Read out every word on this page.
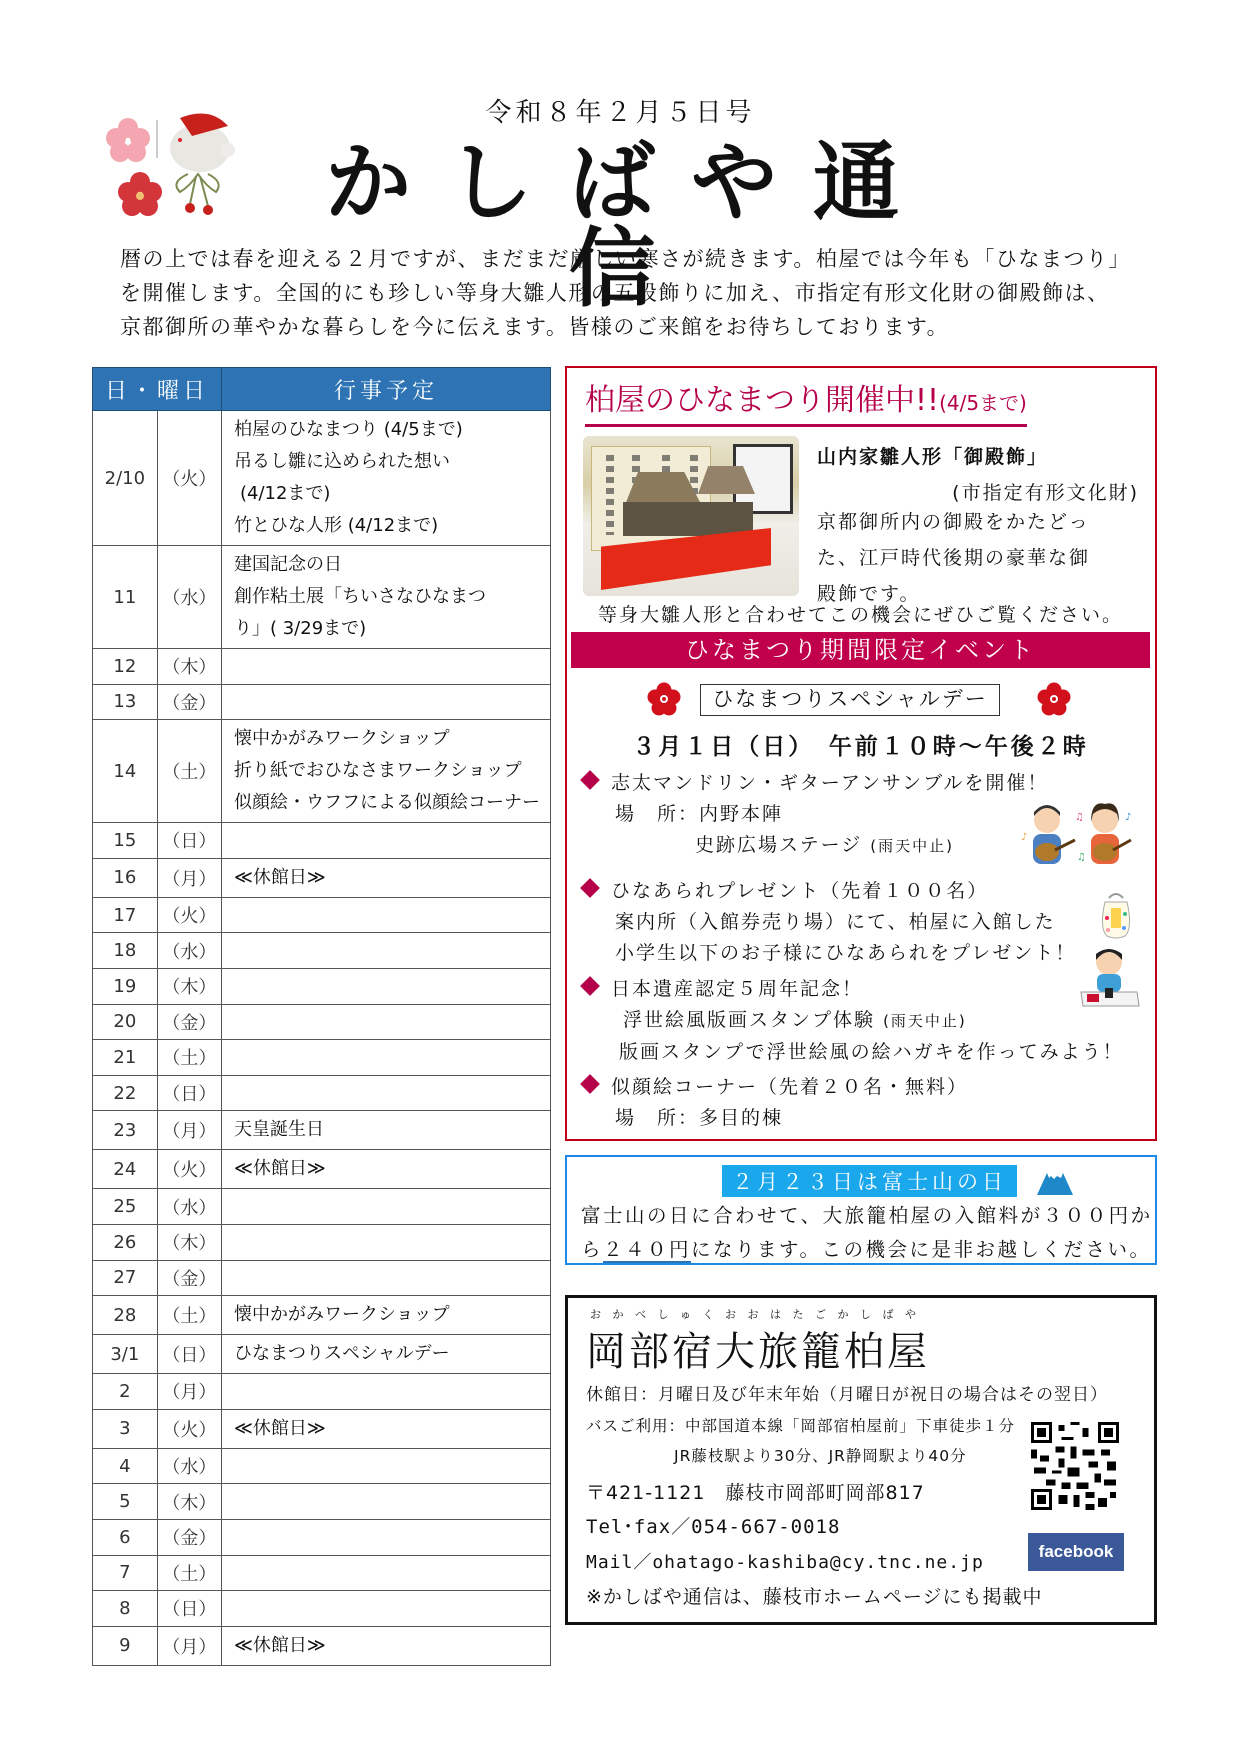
令和８年２月５日号
かしばや通信

暦の上では春を迎える２月ですが、まだまだ厳しい寒さが続きます。柏屋では今年も「ひなまつり」

を開催します。全国的にも珍しい等身大雛人形の五段飾りに加え、市指定有形文化財の御殿飾は、

京都御所の華やかな暮らしを今に伝えます。皆様のご来館をお待ちしております。

日・曜日		行事予定
2/10	（火）	柏屋のひなまつり (4/5まで)
吊るし雛に込められた想い
(4/12まで)
竹とひな人形 (4/12まで)

11	（水）	建国記念の日
創作粘土展「ちいさなひなまつ
り」( 3/29まで)

12	（木）	
13	（金）	
14	（土）	懐中かがみワークショップ
折り紙でおひなさまワークショップ
似顔絵・ウフフによる似顔絵コーナー

15	（日）	
16	（月）	≪休館日≫

17	（火）	
18	（水）	
19	（木）	
20	（金）	
21	（土）	
22	（日）	
23	（月）	天皇誕生日

24	（火）	≪休館日≫

25	（水）	
26	（木）	
27	（金）	
28	（土）	懐中かがみワークショップ

3/1	（日）	ひなまつりスペシャルデー

2	（月）	
3	（火）	≪休館日≫

4	（水）	
5	（木）	
6	（金）	
7	（土）	
8	（日）	
9	（月）	≪休館日≫
柏屋のひなまつり開催中!!(4/5まで)
山内家雛人形「御殿飾」
(市指定有形文化財)
京都御所内の御殿をかたどっ
た、江戸時代後期の豪華な御
殿飾です。
等身大雛人形と合わせてこの機会にぜひご覧ください。
ひなまつり期間限定イベント
ひなまつりスペシャルデー
３月１日（日）　午前１０時～午後２時
志太マンドリン・ギターアンサンブルを開催！
場　所：内野本陣
史跡広場ステージ (雨天中止)	♪
♫	♪
♫
ひなあられプレゼント（先着１００名）
案内所（入館券売り場）にて、柏屋に入館した
小学生以下のお子様にひなあられをプレゼント！
日本遺産認定５周年記念！
浮世絵風版画スタンプ体験 (雨天中止)
版画スタンプで浮世絵風の絵ハガキを作ってみよう！
似顔絵コーナー（先着２０名・無料）
場　所：多目的棟
２月２３日は富士山の日
富士山の日に合わせて、大旅籠柏屋の入館料が３００円か
ら２４０円になります。この機会に是非お越しください。
おかべしゅくおおはたごかしばや
岡部宿大旅籠柏屋
休館日：月曜日及び年末年始（月曜日が祝日の場合はその翌日）
バスご利用：中部国道本線「岡部宿柏屋前」下車徒歩１分
JR藤枝駅より30分、JR静岡駅より40分
〒421-1121　藤枝市岡部町岡部817
Tel･fax／054-667-0018
Mail／ohatago-kashiba@cy.tnc.ne.jp
※かしばや通信は、藤枝市ホームページにも掲載中
facebook
